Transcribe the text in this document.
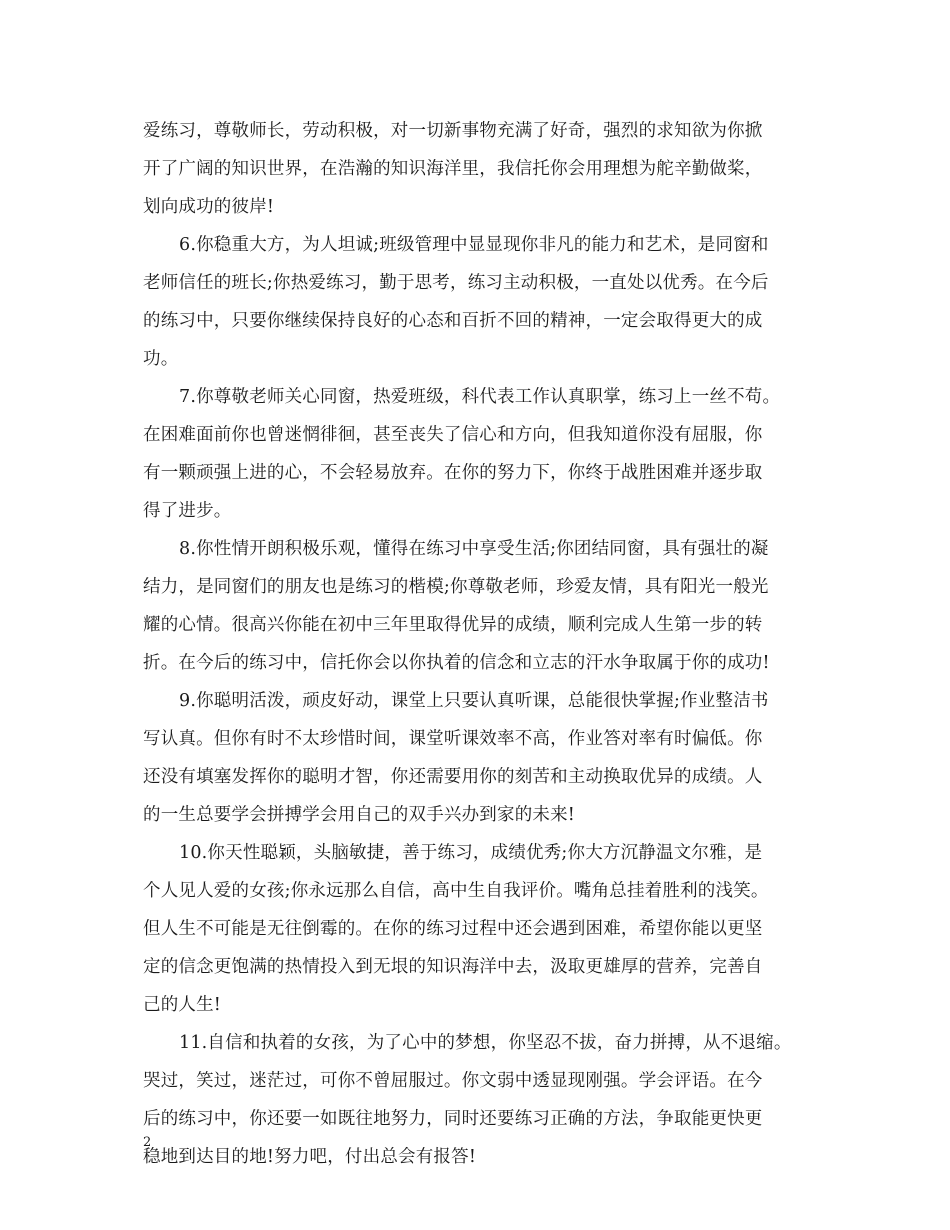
爱练习，尊敬师长，劳动积极，对一切新事物充满了好奇，强烈的求知欲为你掀
开了广阔的知识世界，在浩瀚的知识海洋里，我信托你会用理想为舵辛勤做桨，
划向成功的彼岸!
6.你稳重大方，为人坦诚;班级管理中显显现你非凡的能力和艺术，是同窗和
老师信任的班长;你热爱练习，勤于思考，练习主动积极，一直处以优秀。在今后
的练习中，只要你继续保持良好的心态和百折不回的精神，一定会取得更大的成
功。
7.你尊敬老师关心同窗，热爱班级，科代表工作认真职掌，练习上一丝不苟。
在困难面前你也曾迷惘徘徊，甚至丧失了信心和方向，但我知道你没有屈服，你
有一颗顽强上进的心，不会轻易放弃。在你的努力下，你终于战胜困难并逐步取
得了进步。
8.你性情开朗积极乐观，懂得在练习中享受生活;你团结同窗，具有强壮的凝
结力，是同窗们的朋友也是练习的楷模;你尊敬老师，珍爱友情，具有阳光一般光
耀的心情。很高兴你能在初中三年里取得优异的成绩，顺利完成人生第一步的转
折。在今后的练习中，信托你会以你执着的信念和立志的汗水争取属于你的成功!
9.你聪明活泼，顽皮好动，课堂上只要认真听课，总能很快掌握;作业整洁书
写认真。但你有时不太珍惜时间，课堂听课效率不高，作业答对率有时偏低。你
还没有填塞发挥你的聪明才智，你还需要用你的刻苦和主动换取优异的成绩。人
的一生总要学会拼搏学会用自己的双手兴办到家的未来!
10.你天性聪颖，头脑敏捷，善于练习，成绩优秀;你大方沉静温文尔雅，是
个人见人爱的女孩;你永远那么自信，高中生自我评价。嘴角总挂着胜利的浅笑。
但人生不可能是无往倒霉的。在你的练习过程中还会遇到困难，希望你能以更坚
定的信念更饱满的热情投入到无垠的知识海洋中去，汲取更雄厚的营养，完善自
己的人生!
11.自信和执着的女孩，为了心中的梦想，你坚忍不拔，奋力拼搏，从不退缩。
哭过，笑过，迷茫过，可你不曾屈服过。你文弱中透显现刚强。学会评语。在今
后的练习中，你还要一如既往地努力，同时还要练习正确的方法，争取能更快更
稳地到达目的地!努力吧，付出总会有报答!
2
